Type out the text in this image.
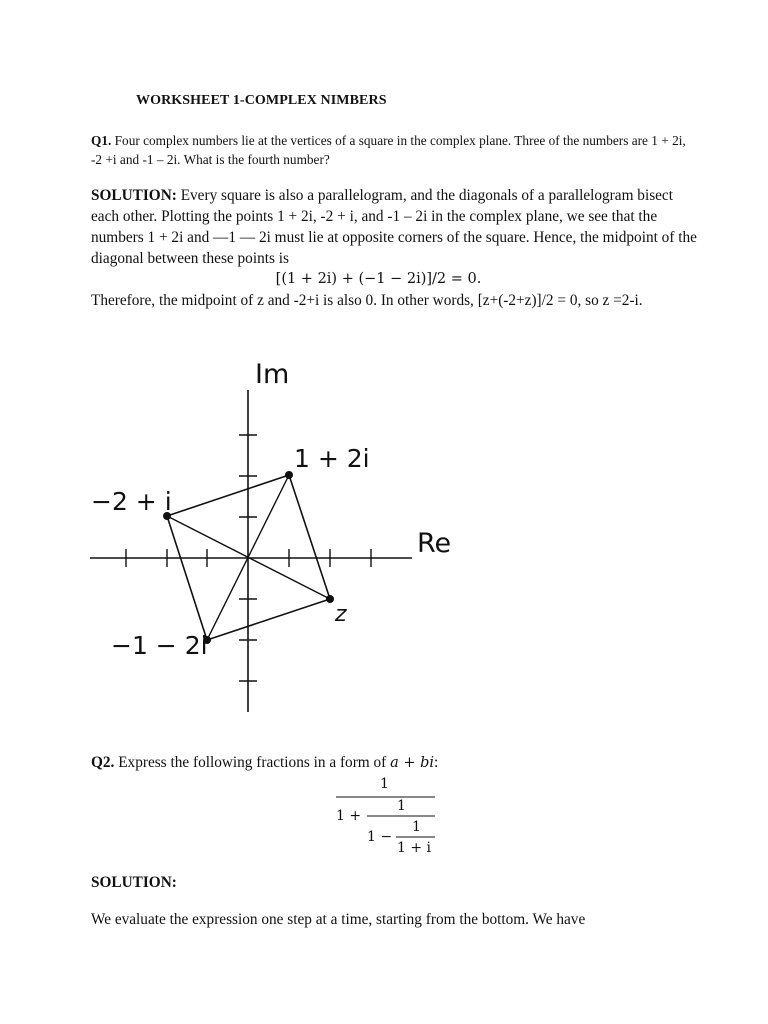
WORKSHEET 1-COMPLEX NIMBERS
Q1. Four complex numbers lie at the vertices of a square in the complex plane. Three of the numbers are 1 + 2i, -2 +i and -1 – 2i. What is the fourth number?
SOLUTION: Every square is also a parallelogram, and the diagonals of a parallelogram bisect each other. Plotting the points 1 + 2i, -2 + i, and -1 – 2i in the complex plane, we see that the numbers 1 + 2i and —1 — 2i must lie at opposite corners of the square. Hence, the midpoint of the diagonal between these points is
[(1 + 2i) + (−1 − 2i)]/2 = 0.
Therefore, the midpoint of z and -2+i is also 0. In other words, [z+(-2+z)]/2 = 0, so z =2-i.
Im
Re
1 + 2i
−2 + i
−1 − 2i
z
Q2. Express the following fractions in a form of a + bi:
1
1 +
1
1 −
1
1 + i
SOLUTION:
We evaluate the expression one step at a time, starting from the bottom. We have
